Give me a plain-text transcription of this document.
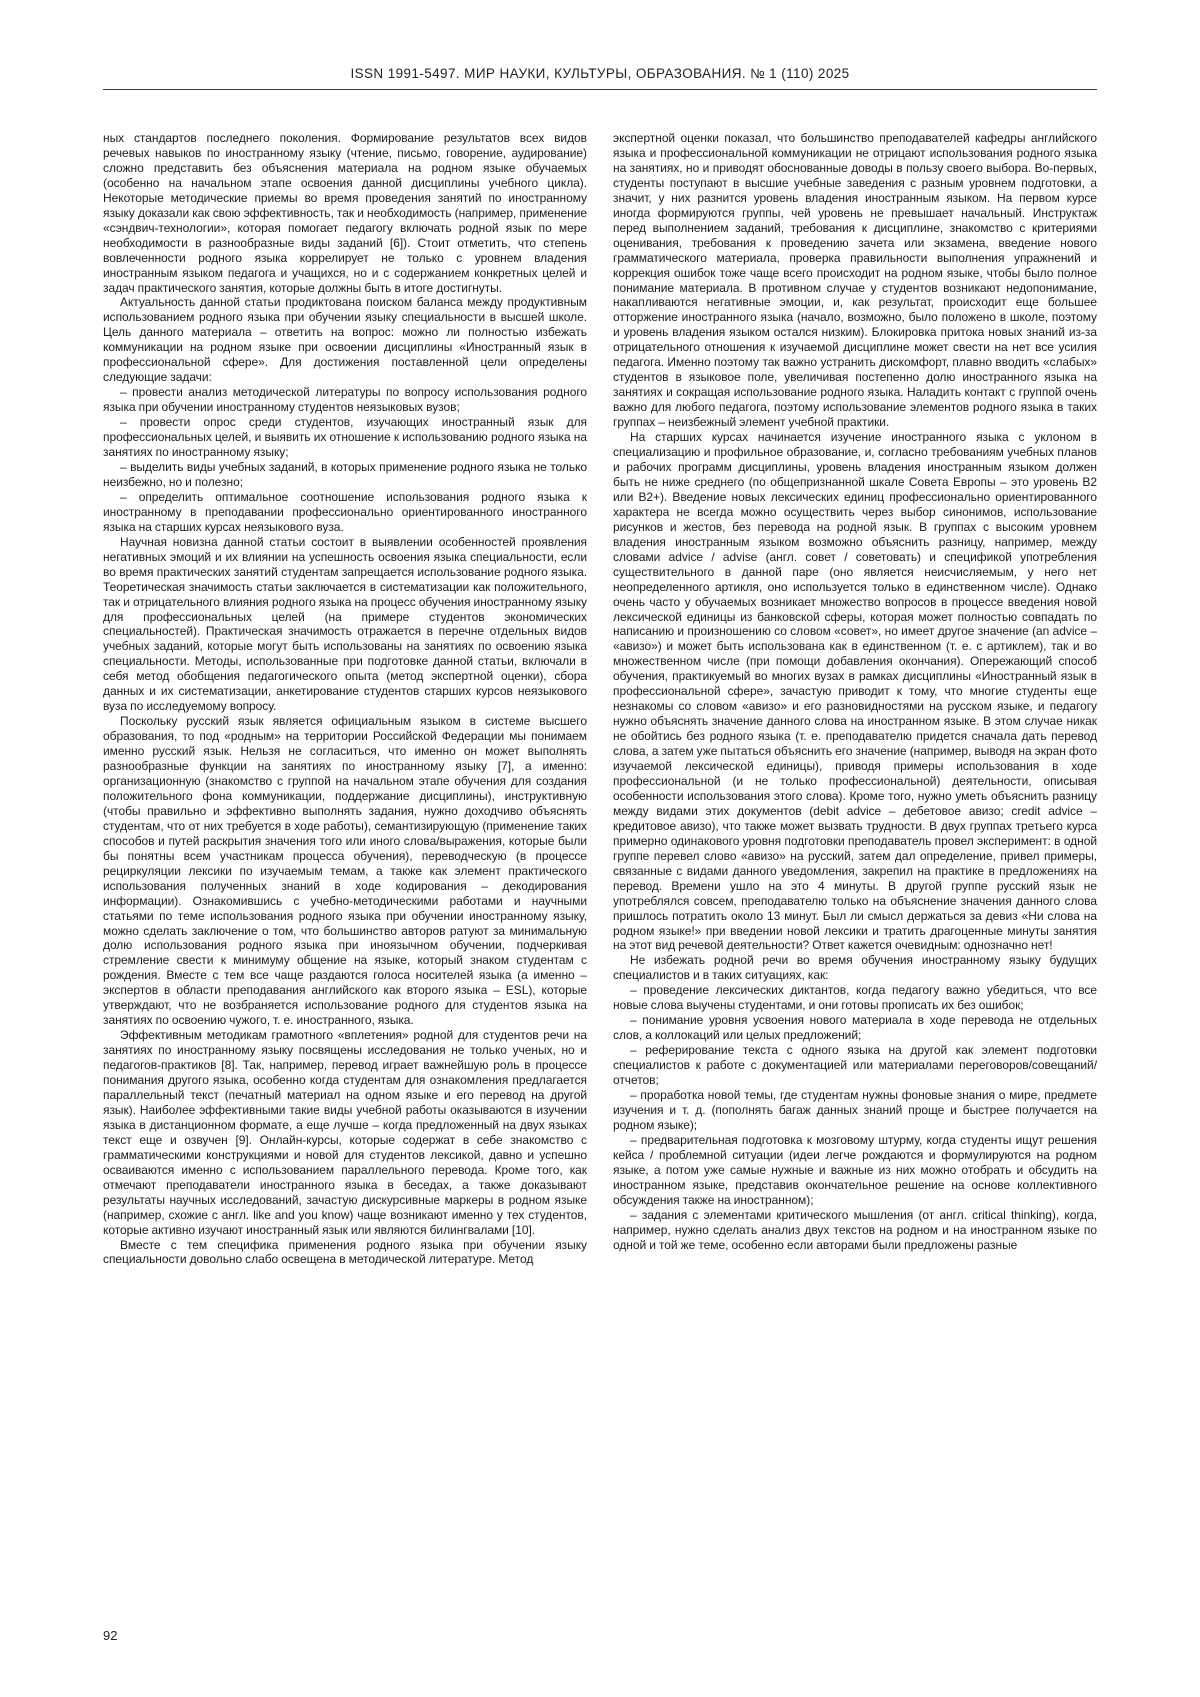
ISSN 1991-5497. МИР НАУКИ, КУЛЬТУРЫ, ОБРАЗОВАНИЯ. № 1 (110) 2025

ных стандартов последнего поколения. Формирование результатов всех видов речевых навыков по иностранному языку (чтение, письмо, говорение, аудирование) сложно представить без объяснения материала на родном языке обучаемых (особенно на начальном этапе освоения данной дисциплины учебного цикла). Некоторые методические приемы во время проведения занятий по иностранному языку доказали как свою эффективность, так и необходимость (например, применение «сэндвич-технологии», которая помогает педагогу включать родной язык по мере необходимости в разнообразные виды заданий [6]). Стоит отметить, что степень вовлеченности родного языка коррелирует не только с уровнем владения иностранным языком педагога и учащихся, но и с содержанием конкретных целей и задач практического занятия, которые должны быть в итоге достигнуты.

Актуальность данной статьи продиктована поиском баланса между продуктивным использованием родного языка при обучении языку специальности в высшей школе. Цель данного материала – ответить на вопрос: можно ли полностью избежать коммуникации на родном языке при освоении дисциплины «Иностранный язык в профессиональной сфере». Для достижения поставленной цели определены следующие задачи:

– провести анализ методической литературы по вопросу использования родного языка при обучении иностранному студентов неязыковых вузов;

– провести опрос среди студентов, изучающих иностранный язык для профессиональных целей, и выявить их отношение к использованию родного языка на занятиях по иностранному языку;

– выделить виды учебных заданий, в которых применение родного языка не только неизбежно, но и полезно;

– определить оптимальное соотношение использования родного языка к иностранному в преподавании профессионально ориентированного иностранного языка на старших курсах неязыкового вуза.

Научная новизна данной статьи состоит в выявлении особенностей проявления негативных эмоций и их влиянии на успешность освоения языка специальности, если во время практических занятий студентам запрещается использование родного языка. Теоретическая значимость статьи заключается в систематизации как положительного, так и отрицательного влияния родного языка на процесс обучения иностранному языку для профессиональных целей (на примере студентов экономических специальностей). Практическая значимость отражается в перечне отдельных видов учебных заданий, которые могут быть использованы на занятиях по освоению языка специальности. Методы, использованные при подготовке данной статьи, включали в себя метод обобщения педагогического опыта (метод экспертной оценки), сбора данных и их систематизации, анкетирование студентов старших курсов неязыкового вуза по исследуемому вопросу.

Поскольку русский язык является официальным языком в системе высшего образования, то под «родным» на территории Российской Федерации мы понимаем именно русский язык. Нельзя не согласиться, что именно он может выполнять разнообразные функции на занятиях по иностранному языку [7], а именно: организационную (знакомство с группой на начальном этапе обучения для создания положительного фона коммуникации, поддержание дисциплины), инструктивную (чтобы правильно и эффективно выполнять задания, нужно доходчиво объяснять студентам, что от них требуется в ходе работы), семантизирующую (применение таких способов и путей раскрытия значения того или иного слова/выражения, которые были бы понятны всем участникам процесса обучения), переводческую (в процессе рециркуляции лексики по изучаемым темам, а также как элемент практического использования полученных знаний в ходе кодирования – декодирования информации). Ознакомившись с учебно-методическими работами и научными статьями по теме использования родного языка при обучении иностранному языку, можно сделать заключение о том, что большинство авторов ратуют за минимальную долю использования родного языка при иноязычном обучении, подчеркивая стремление свести к минимуму общение на языке, который знаком студентам с рождения. Вместе с тем все чаще раздаются голоса носителей языка (а именно – экспертов в области преподавания английского как второго языка – ESL), которые утверждают, что не возбраняется использование родного для студентов языка на занятиях по освоению чужого, т. е. иностранного, языка.

Эффективным методикам грамотного «вплетения» родной для студентов речи на занятиях по иностранному языку посвящены исследования не только ученых, но и педагогов-практиков [8]. Так, например, перевод играет важнейшую роль в процессе понимания другого языка, особенно когда студентам для ознакомления предлагается параллельный текст (печатный материал на одном языке и его перевод на другой язык). Наиболее эффективными такие виды учебной работы оказываются в изучении языка в дистанционном формате, а еще лучше – когда предложенный на двух языках текст еще и озвучен [9]. Онлайн-курсы, которые содержат в себе знакомство с грамматическими конструкциями и новой для студентов лексикой, давно и успешно осваиваются именно с использованием параллельного перевода. Кроме того, как отмечают преподаватели иностранного языка в беседах, а также доказывают результаты научных исследований, зачастую дискурсивные маркеры в родном языке (например, схожие с англ. like and you know) чаще возникают именно у тех студентов, которые активно изучают иностранный язык или являются билингвалами [10].

Вместе с тем специфика применения родного языка при обучении языку специальности довольно слабо освещена в методической литературе. Метод

экспертной оценки показал, что большинство преподавателей кафедры английского языка и профессиональной коммуникации не отрицают использования родного языка на занятиях, но и приводят обоснованные доводы в пользу своего выбора. Во-первых, студенты поступают в высшие учебные заведения с разным уровнем подготовки, а значит, у них разнится уровень владения иностранным языком. На первом курсе иногда формируются группы, чей уровень не превышает начальный. Инструктаж перед выполнением заданий, требования к дисциплине, знакомство с критериями оценивания, требования к проведению зачета или экзамена, введение нового грамматического материала, проверка правильности выполнения упражнений и коррекция ошибок тоже чаще всего происходит на родном языке, чтобы было полное понимание материала. В противном случае у студентов возникают недопонимание, накапливаются негативные эмоции, и, как результат, происходит еще большее отторжение иностранного языка (начало, возможно, было положено в школе, поэтому и уровень владения языком остался низким). Блокировка притока новых знаний из-за отрицательного отношения к изучаемой дисциплине может свести на нет все усилия педагога. Именно поэтому так важно устранить дискомфорт, плавно вводить «слабых» студентов в языковое поле, увеличивая постепенно долю иностранного языка на занятиях и сокращая использование родного языка. Наладить контакт с группой очень важно для любого педагога, поэтому использование элементов родного языка в таких группах – неизбежный элемент учебной практики.

На старших курсах начинается изучение иностранного языка с уклоном в специализацию и профильное образование, и, согласно требованиям учебных планов и рабочих программ дисциплины, уровень владения иностранным языком должен быть не ниже среднего (по общепризнанной шкале Совета Европы – это уровень B2 или B2+). Введение новых лексических единиц профессионально ориентированного характера не всегда можно осуществить через выбор синонимов, использование рисунков и жестов, без перевода на родной язык. В группах с высоким уровнем владения иностранным языком возможно объяснить разницу, например, между словами advice / advise (англ. совет / советовать) и спецификой употребления существительного в данной паре (оно является неисчисляемым, у него нет неопределенного артикля, оно используется только в единственном числе). Однако очень часто у обучаемых возникает множество вопросов в процессе введения новой лексической единицы из банковской сферы, которая может полностью совпадать по написанию и произношению со словом «совет», но имеет другое значение (an advice – «авизо») и может быть использована как в единственном (т. е. с артиклем), так и во множественном числе (при помощи добавления окончания). Опережающий способ обучения, практикуемый во многих вузах в рамках дисциплины «Иностранный язык в профессиональной сфере», зачастую приводит к тому, что многие студенты еще незнакомы со словом «авизо» и его разновидностями на русском языке, и педагогу нужно объяснять значение данного слова на иностранном языке. В этом случае никак не обойтись без родного языка (т. е. преподавателю придется сначала дать перевод слова, а затем уже пытаться объяснить его значение (например, выводя на экран фото изучаемой лексической единицы), приводя примеры использования в ходе профессиональной (и не только профессиональной) деятельности, описывая особенности использования этого слова). Кроме того, нужно уметь объяснить разницу между видами этих документов (debit advice – дебетовое авизо; credit advice – кредитовое авизо), что также может вызвать трудности. В двух группах третьего курса примерно одинакового уровня подготовки преподаватель провел эксперимент: в одной группе перевел слово «авизо» на русский, затем дал определение, привел примеры, связанные с видами данного уведомления, закрепил на практике в предложениях на перевод. Времени ушло на это 4 минуты. В другой группе русский язык не употреблялся совсем, преподавателю только на объяснение значения данного слова пришлось потратить около 13 минут. Был ли смысл держаться за девиз «Ни слова на родном языке!» при введении новой лексики и тратить драгоценные минуты занятия на этот вид речевой деятельности? Ответ кажется очевидным: однозначно нет!

Не избежать родной речи во время обучения иностранному языку будущих специалистов и в таких ситуациях, как:

– проведение лексических диктантов, когда педагогу важно убедиться, что все новые слова выучены студентами, и они готовы прописать их без ошибок;

– понимание уровня усвоения нового материала в ходе перевода не отдельных слов, а коллокаций или целых предложений;

– реферирование текста с одного языка на другой как элемент подготовки специалистов к работе с документацией или материалами переговоров/совещаний/отчетов;

– проработка новой темы, где студентам нужны фоновые знания о мире, предмете изучения и т. д. (пополнять багаж данных знаний проще и быстрее получается на родном языке);

– предварительная подготовка к мозговому штурму, когда студенты ищут решения кейса / проблемной ситуации (идеи легче рождаются и формулируются на родном языке, а потом уже самые нужные и важные из них можно отобрать и обсудить на иностранном языке, представив окончательное решение на основе коллективного обсуждения также на иностранном);

– задания с элементами критического мышления (от англ. critical thinking), когда, например, нужно сделать анализ двух текстов на родном и на иностранном языке по одной и той же теме, особенно если авторами были предложены разные

92
